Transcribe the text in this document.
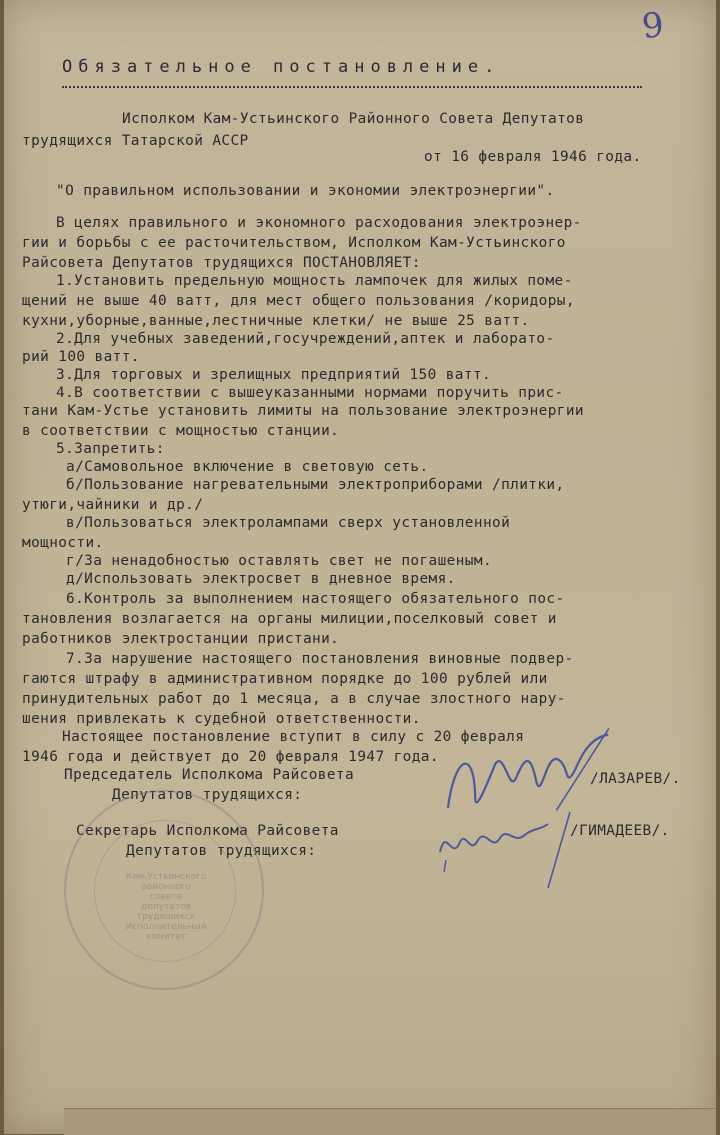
9
Обязательное постановление.
Исполком Кам-Устьинского Районного Совета Депутатов
трудящихся Татарской АССР
от 16 февраля 1946 года.
"О правильном использовании и экономии электроэнергии".
В целях правильного и экономного расходования электроэнер-
гии и борьбы с ее расточительством, Исполком Кам-Устьинского
Райсовета Депутатов трудящихся ПОСТАНОВЛЯЕТ:
1.Установить предельную мощность лампочек для жилых поме-
щений не выше 40 ватт, для мест общего пользования /коридоры,
кухни,уборные,ванные,лестничные клетки/ не выше 25 ватт.
2.Для учебных заведений,госучреждений,аптек и лаборато-
рий 100 ватт.
3.Для торговых и зрелищных предприятий 150 ватт.
4.В соответствии с вышеуказанными нормами поручить прис-
тани Кам-Устье установить лимиты на пользование электроэнергии
в соответствии с мощностью станции.
5.Запретить:
а/Самовольное включение в световую сеть.
б/Пользование нагревательными электроприборами /плитки,
утюги,чайники и др./
в/Пользоваться электролампами сверх установленной
мощности.
г/За ненадобностью оставлять свет не погашеным.
д/Использовать электросвет в дневное время.
6.Контроль за выполнением настоящего обязательного пос-
тановления возлагается на органы милиции,поселковый совет и
работников электростанции пристани.
7.За нарушение настоящего постановления виновные подвер-
гаются штрафу в административном порядке до 100 рублей или
принудительных работ до 1 месяца, а в случае злостного нару-
шения привлекать к судебной ответственности.
Настоящее постановление вступит в силу с 20 февраля
1946 года и действует до 20 февраля 1947 года.
Председатель Исполкома Райсовета
Депутатов трудящихся:
/ЛАЗАРЕВ/.
Секретарь Исполкома Райсовета
Депутатов трудящихся:
/ГИМАДЕЕВ/.
Кам-Устьинского районного совета депутатов трудящихся Исполнительный комитет
